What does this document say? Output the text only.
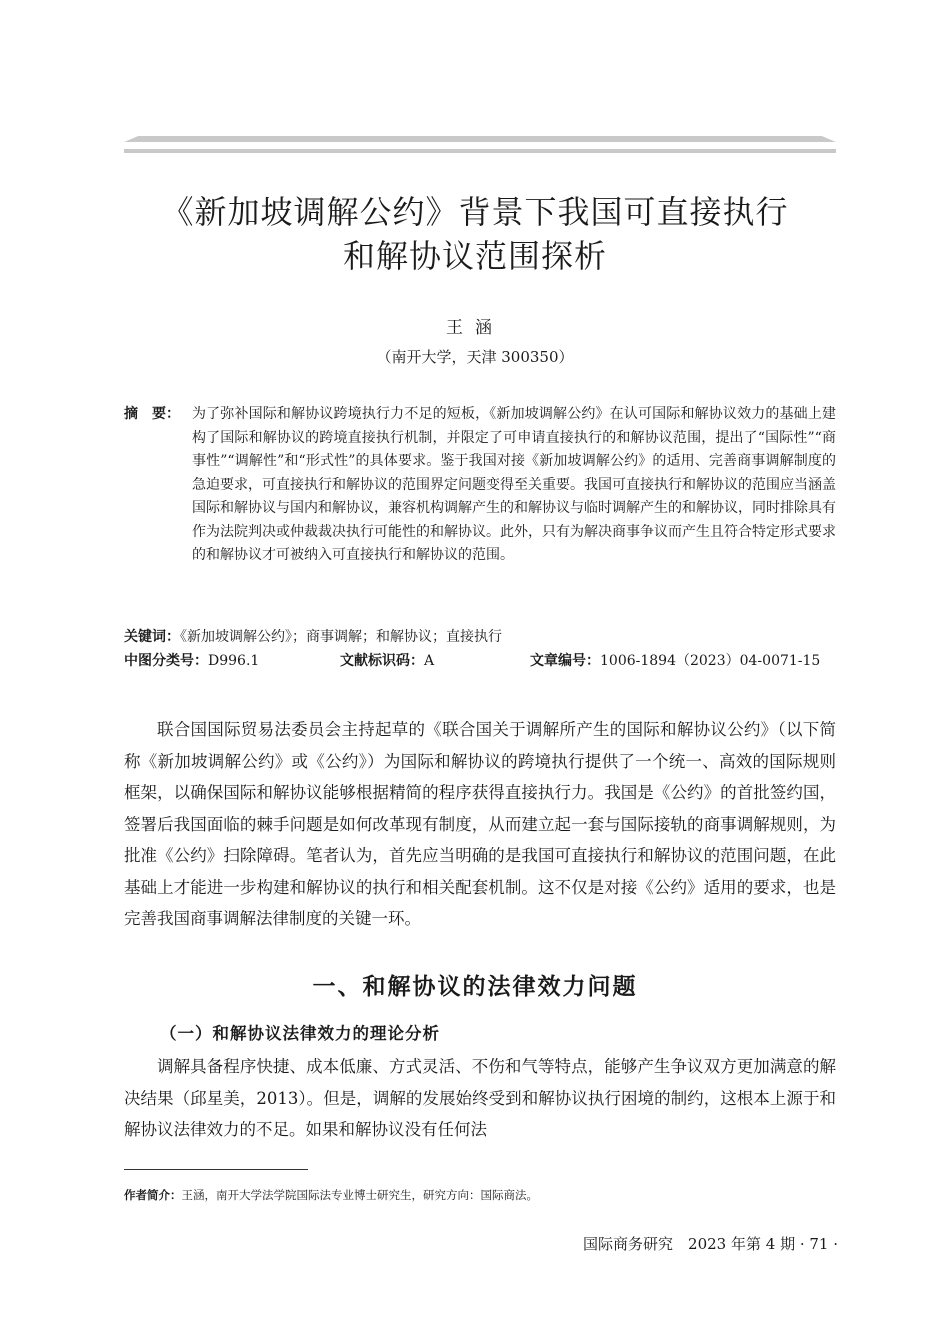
《新加坡调解公约》背景下我国可直接执行
和解协议范围探析
王涵
（南开大学，天津 300350）
摘　要： 为了弥补国际和解协议跨境执行力不足的短板，《新加坡调解公约》在认可国际和解协议效力的基础上建构了国际和解协议的跨境直接执行机制，并限定了可申请直接执行的和解协议范围，提出了“国际性”“商事性”“调解性”和“形式性”的具体要求。鉴于我国对接《新加坡调解公约》的适用、完善商事调解制度的急迫要求，可直接执行和解协议的范围界定问题变得至关重要。我国可直接执行和解协议的范围应当涵盖国际和解协议与国内和解协议，兼容机构调解产生的和解协议与临时调解产生的和解协议，同时排除具有作为法院判决或仲裁裁决执行可能性的和解协议。此外，只有为解决商事争议而产生且符合特定形式要求的和解协议才可被纳入可直接执行和解协议的范围。
关键词：《新加坡调解公约》；商事调解；和解协议；直接执行
中图分类号：D996.1	文献标识码：A	文章编号：1006-1894（2023）04-0071-15

联合国国际贸易法委员会主持起草的《联合国关于调解所产生的国际和解协议公约》（以下简称《新加坡调解公约》或《公约》）为国际和解协议的跨境执行提供了一个统一、高效的国际规则框架，以确保国际和解协议能够根据精简的程序获得直接执行力。我国是《公约》的首批签约国，签署后我国面临的棘手问题是如何改革现有制度，从而建立起一套与国际接轨的商事调解规则，为批准《公约》扫除障碍。笔者认为，首先应当明确的是我国可直接执行和解协议的范围问题，在此基础上才能进一步构建和解协议的执行和相关配套机制。这不仅是对接《公约》适用的要求，也是完善我国商事调解法律制度的关键一环。

一、和解协议的法律效力问题
（一）和解协议法律效力的理论分析

调解具备程序快捷、成本低廉、方式灵活、不伤和气等特点，能够产生争议双方更加满意的解决结果（邱星美，2013）。但是，调解的发展始终受到和解协议执行困境的制约，这根本上源于和解协议法律效力的不足。如果和解协议没有任何法

作者简介：王涵，南开大学法学院国际法专业博士研究生，研究方向：国际商法。
国际商务研究　2023 年第 4 期 · 71 ·
